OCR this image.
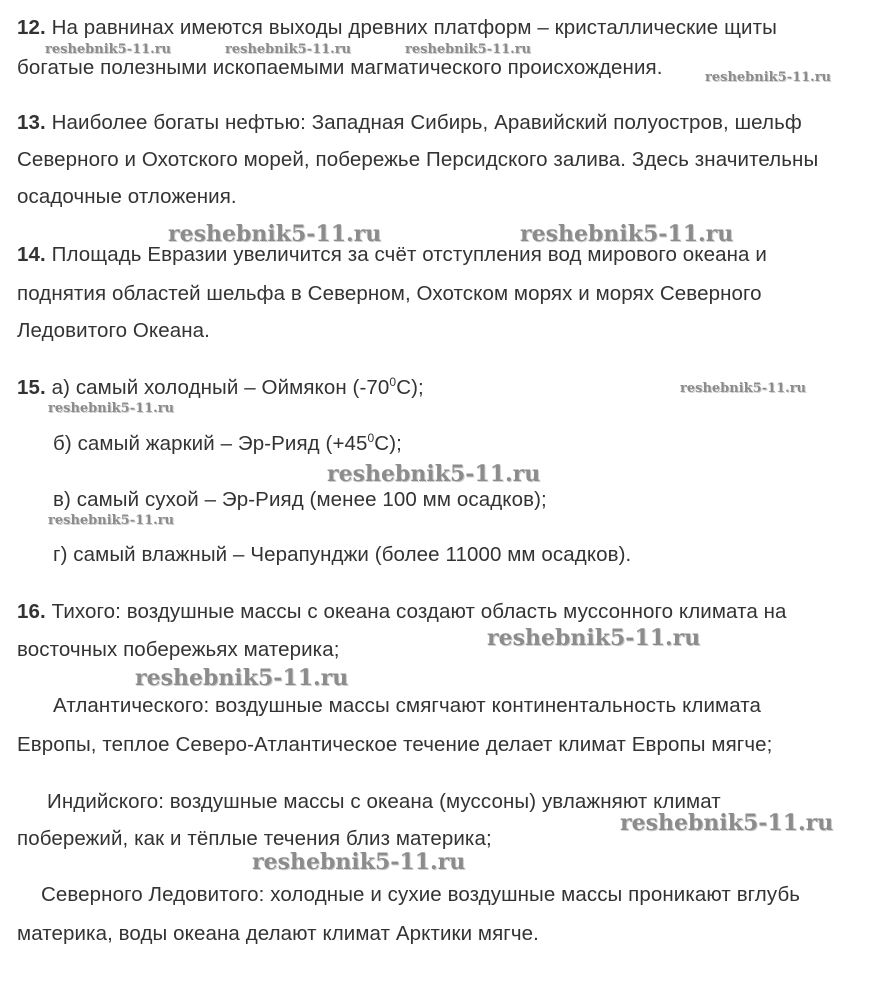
12. На равнинах имеются выходы древних платформ – кристаллические щиты
богатые полезными ископаемыми магматического происхождения.
13. Наиболее богаты нефтью: Западная Сибирь, Аравийский полуостров, шельф
Северного и Охотского морей, побережье Персидского залива. Здесь значительны
осадочные отложения.
14. Площадь Евразии увеличится за счёт отступления вод мирового океана и
поднятия областей шельфа в Северном, Охотском морях и морях Северного
Ледовитого Океана.
15. а) самый холодный – Оймякон $(-70^0С)$;
б) самый жаркий – Эр-Рияд $(+45^0С)$;
в) самый сухой – Эр-Рияд (менее 100 мм осадков);
г) самый влажный – Черапунджи (более 11000 мм осадков).
16. Тихого: воздушные массы с океана создают область муссонного климата на
восточных побережьях материка;
Атлантического: воздушные массы смягчают континентальность климата
Европы, теплое Северо-Атлантическое течение делает климат Европы мягче;
Индийского: воздушные массы с океана (муссоны) увлажняют климат
побережий, как и тёплые течения близ материка;
Северного Ледовитого: холодные и сухие воздушные массы проникают вглубь
материка, воды океана делают климат Арктики мягче.
reshebnik5-11.ru	reshebnik5-11.ru	reshebnik5-11.ru
reshebnik5-11.ru
reshebnik5-11.ru	reshebnik5-11.ru
reshebnik5-11.ru
reshebnik5-11.ru
reshebnik5-11.ru
reshebnik5-11.ru
reshebnik5-11.ru
reshebnik5-11.ru
reshebnik5-11.ru
reshebnik5-11.ru
